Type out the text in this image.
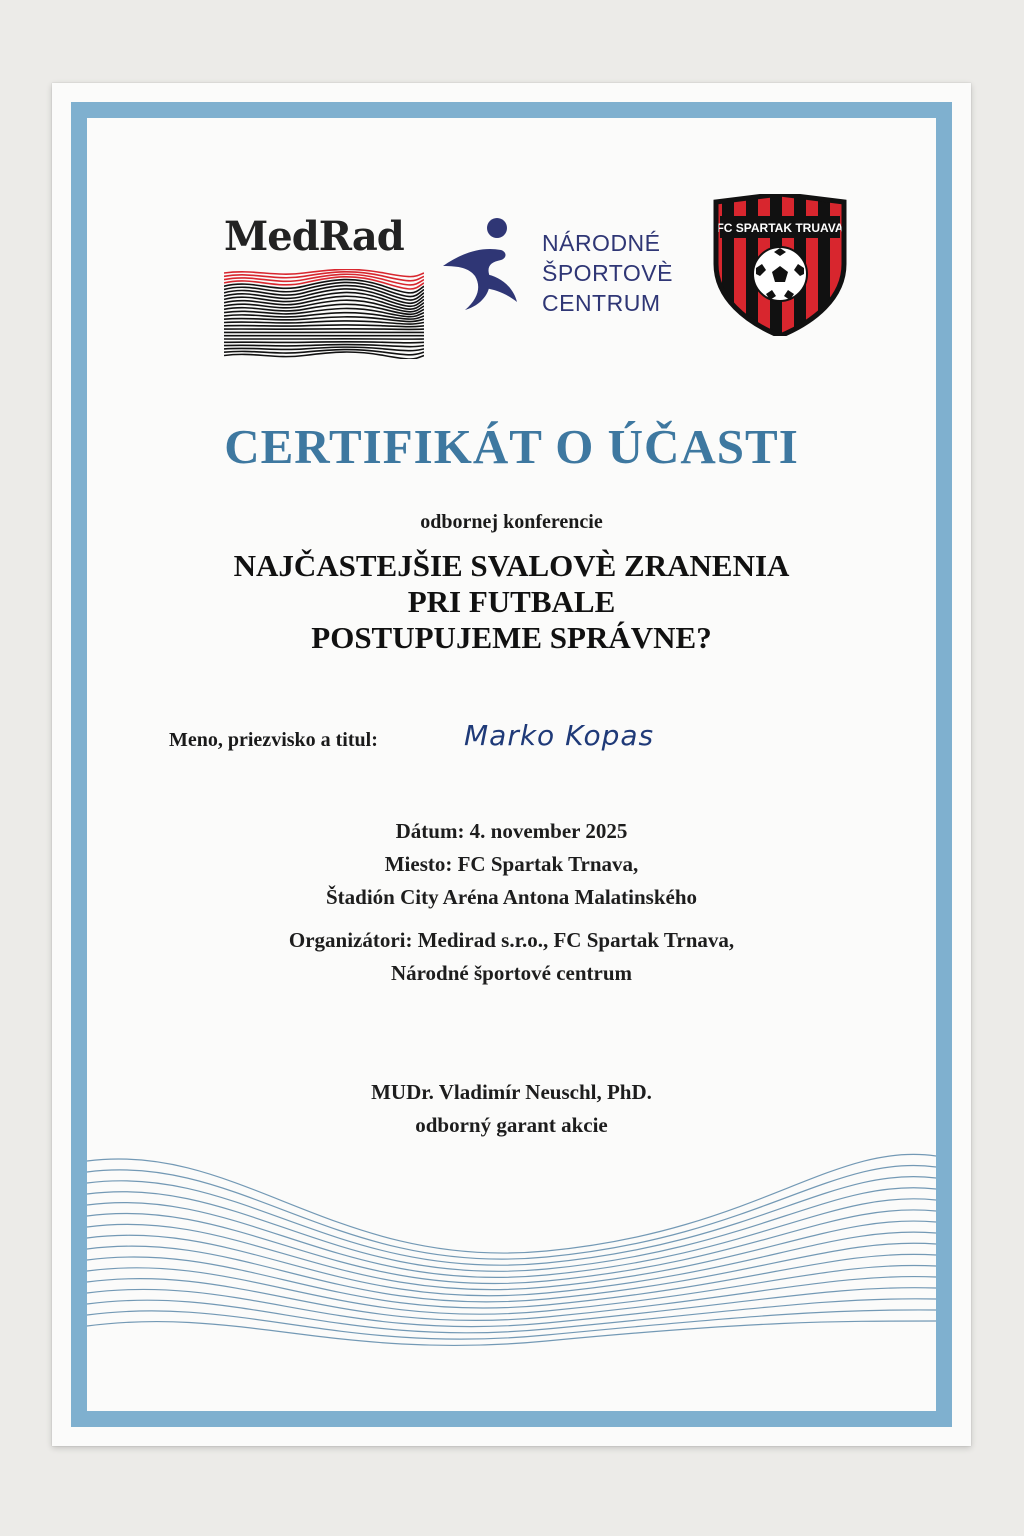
MedRad	NÁRODNÉ
ŠPORTOVÈ
CENTRUM
FC SPARTAK TRUAVA
CERTIFIKÁT O ÚČASTI
odbornej konferencie
NAJČASTEJŠIE SVALOVÈ ZRANENIA
PRI FUTBALE
POSTUPUJEME SPRÁVNE?
Meno, priezvisko a titul:	Marko Kopas
Dátum: 4. november 2025
Miesto: FC Spartak Trnava,
Štadión City Aréna Antona Malatinského
Organizátori: Medirad s.r.o., FC Spartak Trnava,
Národné športové centrum
MUDr. Vladimír Neuschl, PhD.
odborný garant akcie
